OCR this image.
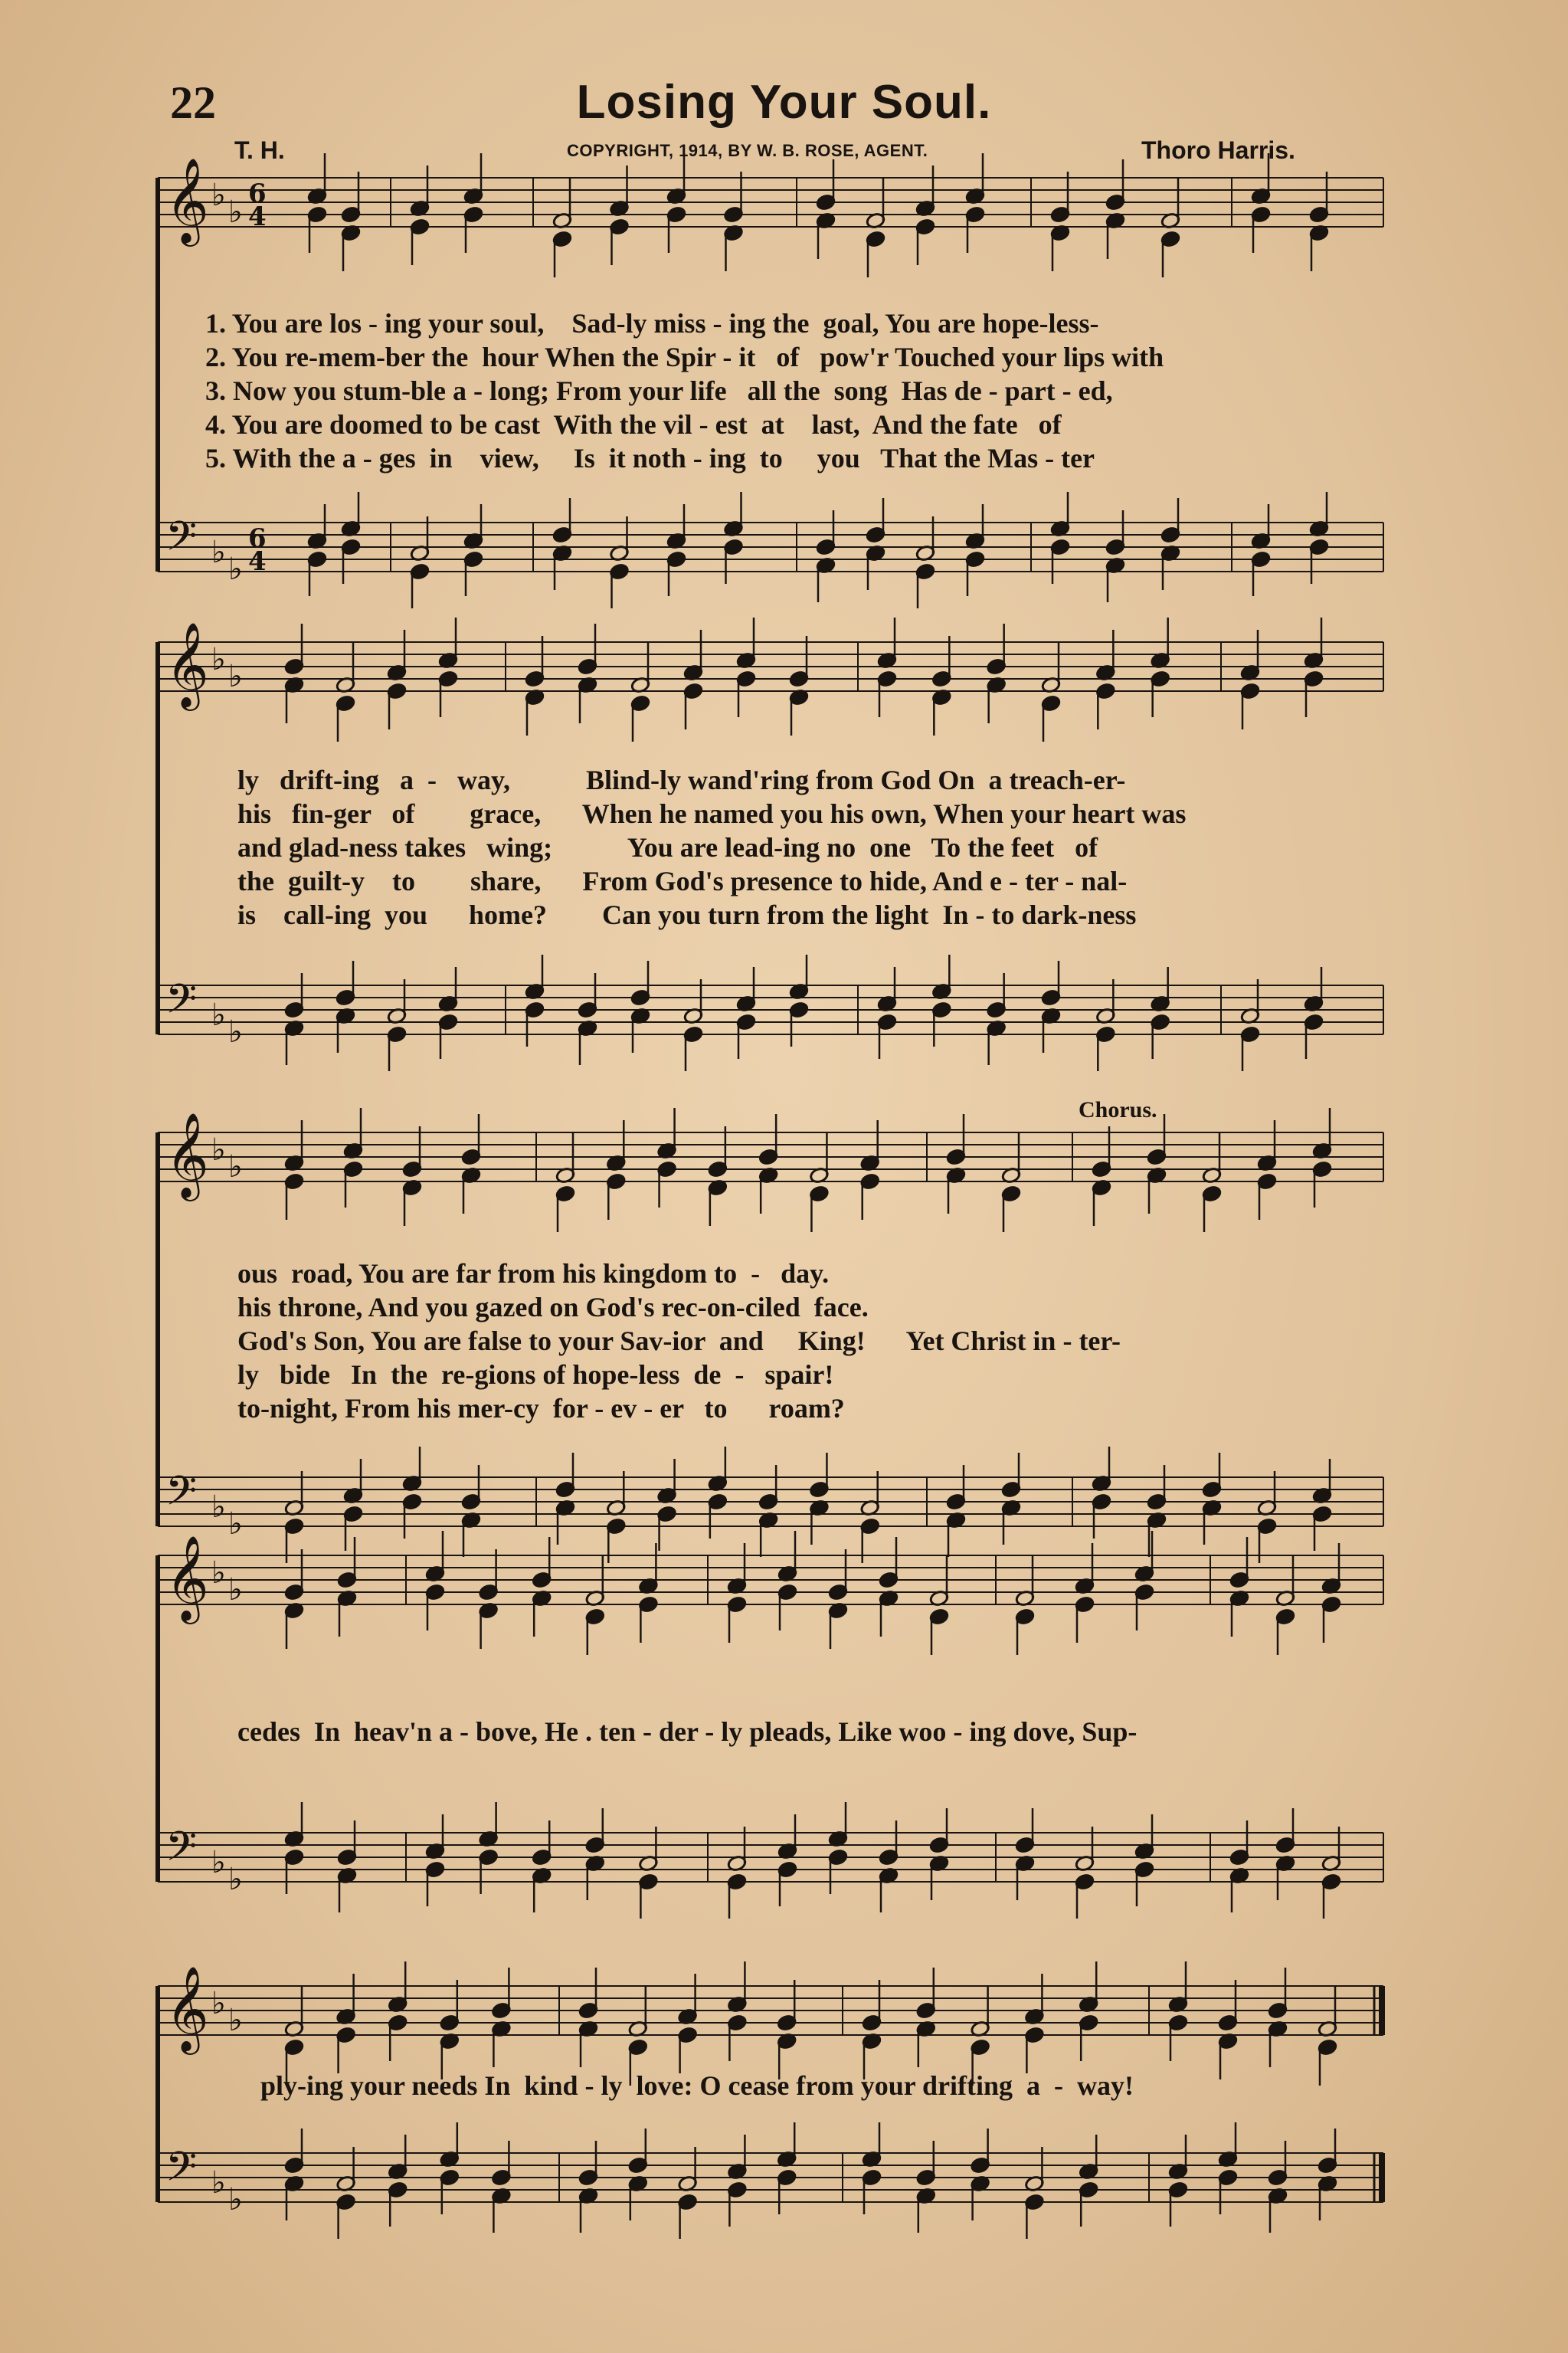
22	Losing Your Soul.
T. H.	COPYRIGHT, 1914, BY W. B. ROSE, AGENT.	Thoro Harris.
Chorus.
𝄞 ♭ ♭
6
4
𝄢 ♭ ♭
6
4
𝄞 ♭ ♭
𝄢 ♭ ♭
𝄞 ♭ ♭
𝄢 ♭ ♭
𝄞 ♭ ♭
𝄢 ♭ ♭
𝄞 ♭ ♭
𝄢 ♭ ♭
1. You are los - ing your soul,    Sad-ly miss - ing the  goal, You are hope-less-
2. You re-mem-ber the  hour When the Spir - it   of   pow'r Touched your lips with
3. Now you stum-ble a - long; From your life   all the  song  Has de - part - ed,
4. You are doomed to be cast  With the vil - est  at    last,  And the fate   of
5. With the a - ges  in    view,     Is  it noth - ing  to     you   That the Mas - ter
ly   drift-ing   a  -   way,           Blind-ly wand'ring from God On  a treach-er-
his   fin-ger   of        grace,      When he named you his own, When your heart was
and glad-ness takes   wing;           You are lead-ing no  one   To the feet   of
the  guilt-y    to        share,      From God's presence to hide, And e - ter - nal-
is    call-ing  you      home?        Can you turn from the light  In - to dark-ness
ous  road, You are far from his kingdom to  -   day.
his throne, And you gazed on God's rec-on-ciled  face.
God's Son, You are false to your Sav-ior  and     King!      Yet Christ in - ter-
ly   bide   In  the  re-gions of hope-less  de  -   spair!
to-night, From his mer-cy  for - ev - er   to      roam?
cedes  In  heav'n a - bove, He . ten - der - ly pleads, Like woo - ing dove, Sup-
ply-ing your needs In  kind - ly  love: O cease from your drifting  a  -  way!
